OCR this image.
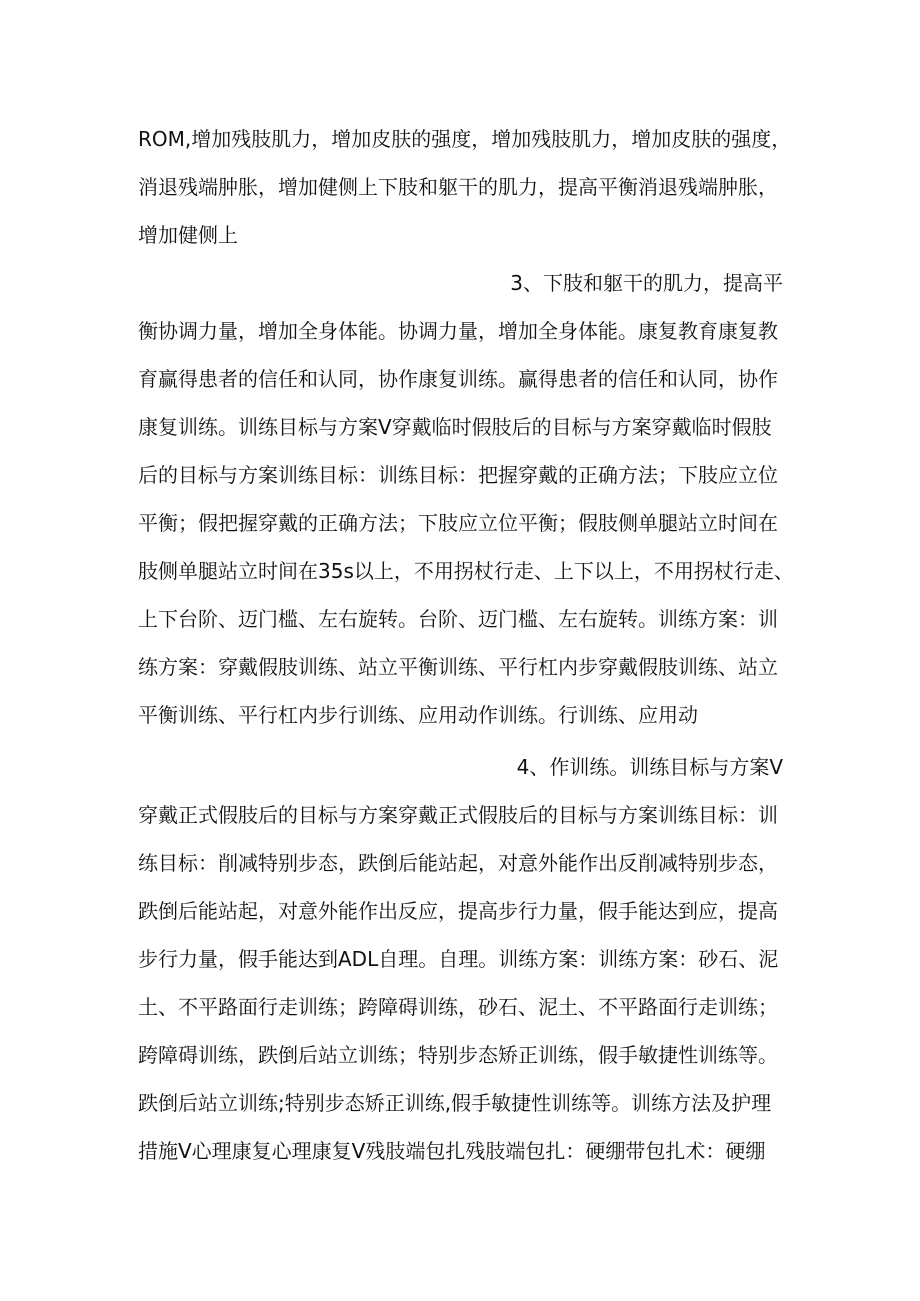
ROM,增加残肢肌力，增加皮肤的强度，增加残肢肌力，增加皮肤的强度，
消退残端肿胀，增加健侧上下肢和躯干的肌力，提高平衡消退残端肿胀，
增加健侧上
3、下肢和躯干的肌力，提高平
衡协调力量，增加全身体能。协调力量，增加全身体能。康复教育康复教
育赢得患者的信任和认同，协作康复训练。赢得患者的信任和认同，协作
康复训练。训练目标与方案V穿戴临时假肢后的目标与方案穿戴临时假肢
后的目标与方案训练目标：训练目标：把握穿戴的正确方法；下肢应立位
平衡；假把握穿戴的正确方法；下肢应立位平衡；假肢侧单腿站立时间在
肢侧单腿站立时间在35s以上，不用拐杖行走、上下以上，不用拐杖行走、
上下台阶、迈门槛、左右旋转。台阶、迈门槛、左右旋转。训练方案：训
练方案：穿戴假肢训练、站立平衡训练、平行杠内步穿戴假肢训练、站立
平衡训练、平行杠内步行训练、应用动作训练。行训练、应用动
4、作训练。训练目标与方案V
穿戴正式假肢后的目标与方案穿戴正式假肢后的目标与方案训练目标：训
练目标：削减特别步态，跌倒后能站起，对意外能作出反削减特别步态，
跌倒后能站起，对意外能作出反应，提高步行力量，假手能达到应，提高
步行力量，假手能达到ADL自理。自理。训练方案：训练方案：砂石、泥
土、不平路面行走训练；跨障碍训练，砂石、泥土、不平路面行走训练；
跨障碍训练，跌倒后站立训练；特别步态矫正训练，假手敏捷性训练等。
跌倒后站立训练;特别步态矫正训练,假手敏捷性训练等。训练方法及护理
措施V心理康复心理康复V残肢端包扎残肢端包扎：硬绷带包扎术：硬绷
